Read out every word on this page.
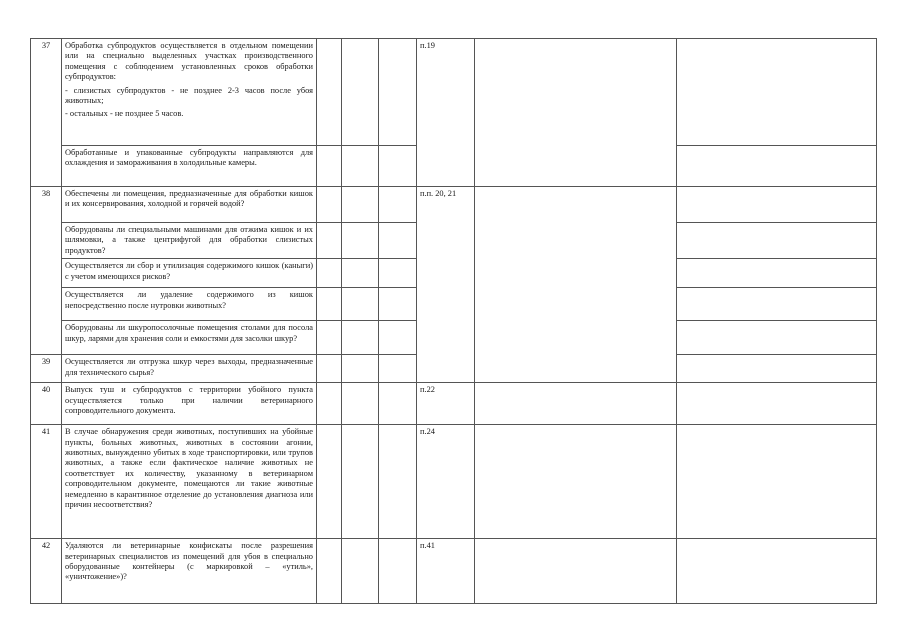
37	Обработка субпродуктов осуществляется в отдельном помещении или на специально выделенных участках производственного помещения с соблюдением установленных сроков обработки субпродуктов:
- слизистых субпродуктов - не позднее 2-3 часов после убоя животных;
- остальных - не позднее 5 часов.				п.19		

	Обработанные и упакованные субпродукты направляются для охлаждения и замораживания в холодильные камеры.						

38	Обеспечены ли помещения, предназначенные для обработки кишок и их консервирования, холодной и горячей водой?				п.п. 20, 21		

	Оборудованы ли специальными машинами для отжима кишок и их шлямовки, а также центрифугой для обработки слизистых продуктов?						

	Осуществляется ли сбор и утилизация содержимого кишок (каныги) с учетом имеющихся рисков?						

	Осуществляется ли удаление содержимого из кишок непосредственно после нутровки животных?						

	Оборудованы ли шкуропосолочные помещения столами для посола шкур, ларями для хранения соли и емкостями для засолки шкур?						

39	Осуществляется ли отгрузка шкур через выходы, предназначенные для технического сырья?						

40	Выпуск туш и субпродуктов с территории убойного пункта осуществляется только при наличии ветеринарного сопроводительного документа.				п.22		
41	В случае обнаружения среди животных, поступивших на убойные пункты, больных животных, животных в состоянии агонии, животных, вынужденно убитых в ходе транспортировки, или трупов животных, а также если фактическое наличие животных не соответствует их количеству, указанному в ветеринарном сопроводительном документе, помещаются ли такие животные немедленно в карантинное отделение до установления диагноза или причин несоответствия?				п.24		
42	Удаляются ли ветеринарные конфискаты после разрешения ветеринарных специалистов из помещений для убоя в специально оборудованные контейнеры (с маркировкой – «утиль», «уничтожение»)?				п.41		
